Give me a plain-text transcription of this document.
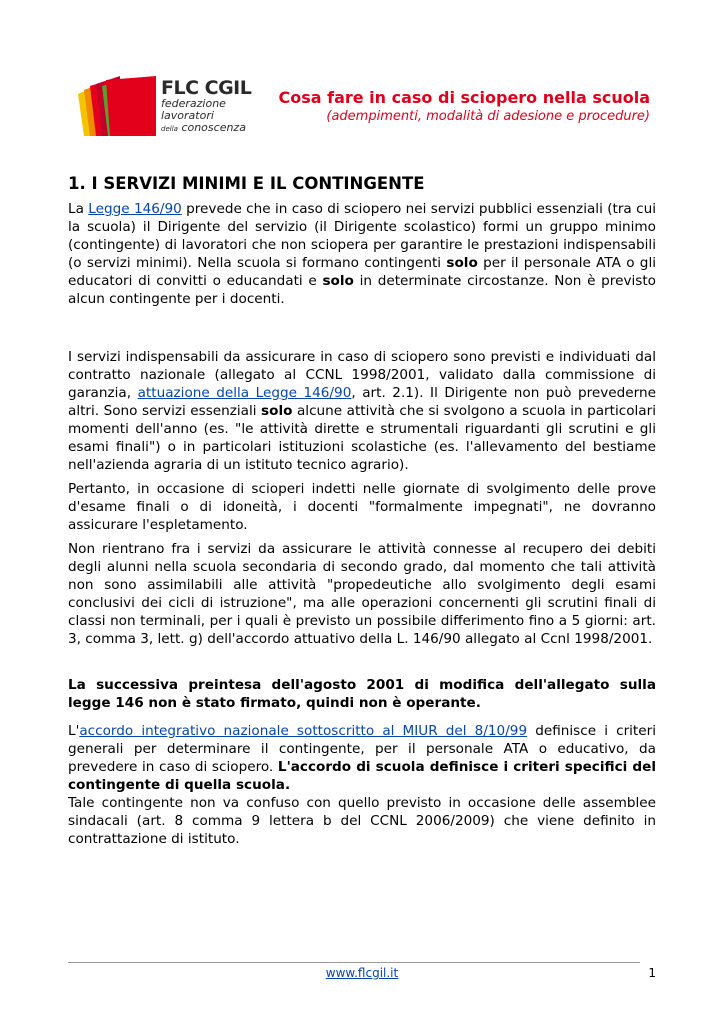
FLC CGIL
federazione
lavoratori
della conoscenza
Cosa fare in caso di sciopero nella scuola
(adempimenti, modalità di adesione e procedure)
1. I SERVIZI MINIMI E IL CONTINGENTE

La Legge 146/90 prevede che in caso di sciopero nei servizi pubblici essenziali (tra cui la scuola) il Dirigente del servizio (il Dirigente scolastico) formi un gruppo minimo (contingente) di lavoratori che non sciopera per garantire le prestazioni indispensabili (o servizi minimi). Nella scuola si formano contingenti solo per il personale ATA o gli educatori di convitti o educandati e solo in determinate circostanze. Non è previsto alcun contingente per i docenti.

I servizi indispensabili da assicurare in caso di sciopero sono previsti e individuati dal contratto nazionale (allegato al CCNL 1998/2001, validato dalla commissione di garanzia, attuazione della Legge 146/90, art. 2.1). Il Dirigente non può prevederne altri. Sono servizi essenziali solo alcune attività che si svolgono a scuola in particolari momenti dell'anno (es. "le attività dirette e strumentali riguardanti gli scrutini e gli esami finali") o in particolari istituzioni scolastiche (es. l'allevamento del bestiame nell'azienda agraria di un istituto tecnico agrario).

Pertanto, in occasione di scioperi indetti nelle giornate di svolgimento delle prove d'esame finali o di idoneità, i docenti "formalmente impegnati", ne dovranno assicurare l'espletamento.

Non rientrano fra i servizi da assicurare le attività connesse al recupero dei debiti degli alunni nella scuola secondaria di secondo grado, dal momento che tali attività non sono assimilabili alle attività "propedeutiche allo svolgimento degli esami conclusivi dei cicli di istruzione", ma alle operazioni concernenti gli scrutini finali di classi non terminali, per i quali è previsto un possibile differimento fino a 5 giorni: art. 3, comma 3, lett. g) dell'accordo attuativo della L. 146/90 allegato al Ccnl 1998/2001.

La successiva preintesa dell'agosto 2001 di modifica dell'allegato sulla legge 146 non è stato firmato, quindi non è operante.

L'accordo integrativo nazionale sottoscritto al MIUR del 8/10/99 definisce i criteri generali per determinare il contingente, per il personale ATA o educativo, da prevedere in caso di sciopero. L'accordo di scuola definisce i criteri specifici del contingente di quella scuola.

Tale contingente non va confuso con quello previsto in occasione delle assemblee sindacali (art. 8 comma 9 lettera b del CCNL 2006/2009) che viene definito in contrattazione di istituto.

www.flcgil.it	1
